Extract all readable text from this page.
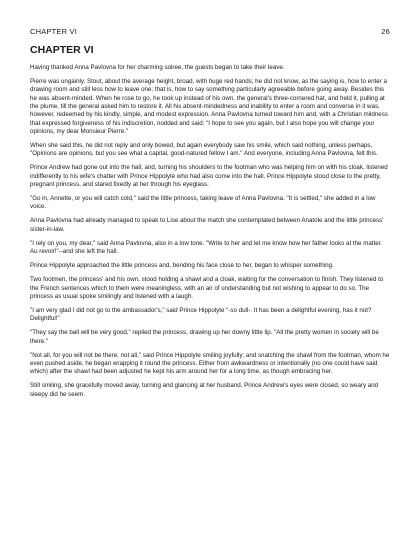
CHAPTER VI	26
CHAPTER VI

Having thanked Anna Pavlovna for her charming soiree, the guests began to take their leave.

Pierre was ungainly. Stout, about the average height, broad, with huge red hands; he did not know, as the saying is, how to enter a drawing room and still less how to leave one; that is, how to say something particularly agreeable before going away. Besides this he was absent-minded. When he rose to go, he took up instead of his own, the general's three-cornered hat, and held it, pulling at the plume, till the general asked him to restore it. All his absent-mindedness and inability to enter a room and converse in it was, however, redeemed by his kindly, simple, and modest expression. Anna Pavlovna turned toward him and, with a Christian mildness that expressed forgiveness of his indiscretion, nodded and said: "I hope to see you again, but I also hope you will change your opinions, my dear Monsieur Pierre."

When she said this, he did not reply and only bowed, but again everybody saw his smile, which said nothing, unless perhaps, "Opinions are opinions, but you see what a capital, good-natured fellow I am." And everyone, including Anna Pavlovna, felt this.

Prince Andrew had gone out into the hall, and, turning his shoulders to the footman who was helping him on with his cloak, listened indifferently to his wife's chatter with Prince Hippolyte who had also come into the hall. Prince Hippolyte stood close to the pretty, pregnant princess, and stared fixedly at her through his eyeglass.

"Go in, Annette, or you will catch cold," said the little princess, taking leave of Anna Pavlovna. "It is settled," she added in a low voice.

Anna Pavlovna had already managed to speak to Lise about the match she contemplated between Anatole and the little princess' sister-in-law.

"I rely on you, my dear," said Anna Pavlovna, also in a low tone. "Write to her and let me know how her father looks at the matter. Au revoir!"--and she left the hall.

Prince Hippolyte approached the little princess and, bending his face close to her, began to whisper something.

Two footmen, the princess' and his own, stood holding a shawl and a cloak, waiting for the conversation to finish. They listened to the French sentences which to them were meaningless, with an air of understanding but not wishing to appear to do so. The princess as usual spoke smilingly and listened with a laugh.

"I am very glad I did not go to the ambassador's," said Prince Hippolyte "-so dull-. It has been a delightful evening, has it not? Delightful!"

"They say the ball will be very good," replied the princess, drawing up her downy little lip. "All the pretty women in society will be there."

"Not all, for you will not be there; not all," said Prince Hippolyte smiling joyfully; and snatching the shawl from the footman, whom he even pushed aside, he began wrapping it round the princess. Either from awkwardness or intentionally (no one could have said which) after the shawl had been adjusted he kept his arm around her for a long time, as though embracing her.

Still smiling, she gracefully moved away, turning and glancing at her husband. Prince Andrew's eyes were closed, so weary and sleepy did he seem.
